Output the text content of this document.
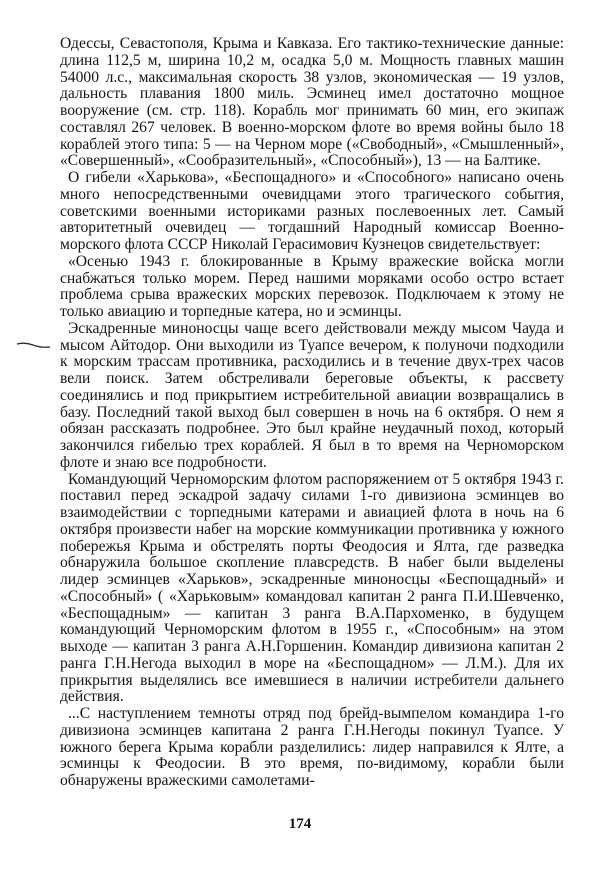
Одессы, Севастополя, Крыма и Кавказа. Его тактико-технические данные: длина 112,5 м, ширина 10,2 м, осадка 5,0 м. Мощность главных машин 54000 л.с., максимальная скорость 38 узлов, экономическая — 19 узлов, дальность плавания 1800 миль. Эсминец имел достаточно мощное вооружение (см. стр. 118). Корабль мог принимать 60 мин, его экипаж составлял 267 человек. В военно-морском флоте во время войны было 18 кораблей этого типа: 5 — на Черном море («Свободный», «Смышленный», «Совершенный», «Сообразительный», «Способный»), 13 — на Балтике.

О гибели «Харькова», «Беспощадного» и «Способного» написано очень много непосредственными очевидцами этого трагического события, советскими военными историками разных послевоенных лет. Самый авторитетный очевидец — тогдашний Народный комиссар Военно-морского флота СССР Николай Герасимович Кузнецов свидетельствует:

«Осенью 1943 г. блокированные в Крыму вражеские войска могли снабжаться только морем. Перед нашими моряками особо остро встает проблема срыва вражеских морских перевозок. Подключаем к этому не только авиацию и торпедные катера, но и эсминцы.

Эскадренные миноносцы чаще всего действовали между мысом Чауда и мысом Айтодор. Они выходили из Туапсе вечером, к полуночи подходили к морским трассам противника, расходились и в течение двух-трех часов вели поиск. Затем обстреливали береговые объекты, к рассвету соединялись и под прикрытием истребительной авиации возвращались в базу. Последний такой выход был совершен в ночь на 6 октября. О нем я обязан рассказать подробнее. Это был крайне неудачный поход, который закончился гибелью трех кораблей. Я был в то время на Черноморском флоте и знаю все подробности.

Командующий Черноморским флотом распоряжением от 5 октября 1943 г. поставил перед эскадрой задачу силами 1-го дивизиона эсминцев во взаимодействии с торпедными катерами и авиацией флота в ночь на 6 октября произвести набег на морские коммуникации противника у южного побережья Крыма и обстрелять порты Феодосия и Ялта, где разведка обнаружила большое скопление плавсредств. В набег были выделены лидер эсминцев «Харьков», эскадренные миноносцы «Беспощадный» и «Способный» ( «Харьковым» командовал капитан 2 ранга П.И.Шевченко, «Беспощадным» — капитан 3 ранга В.А.Пархоменко, в будущем командующий Черноморским флотом в 1955 г., «Способным» на этом выходе — капитан 3 ранга А.Н.Горшенин. Командир дивизиона капитан 2 ранга Г.Н.Негода выходил в море на «Беспощадном» — Л.М.). Для их прикрытия выделялись все имевшиеся в наличии истребители дальнего действия.

...С наступлением темноты отряд под брейд-вымпелом командира 1-го дивизиона эсминцев капитана 2 ранга Г.Н.Негоды покинул Туапсе. У южного берега Крыма корабли разделились: лидер направился к Ялте, а эсминцы к Феодосии. В это время, по-видимому, корабли были обнаружены вражескими самолетами-

174
